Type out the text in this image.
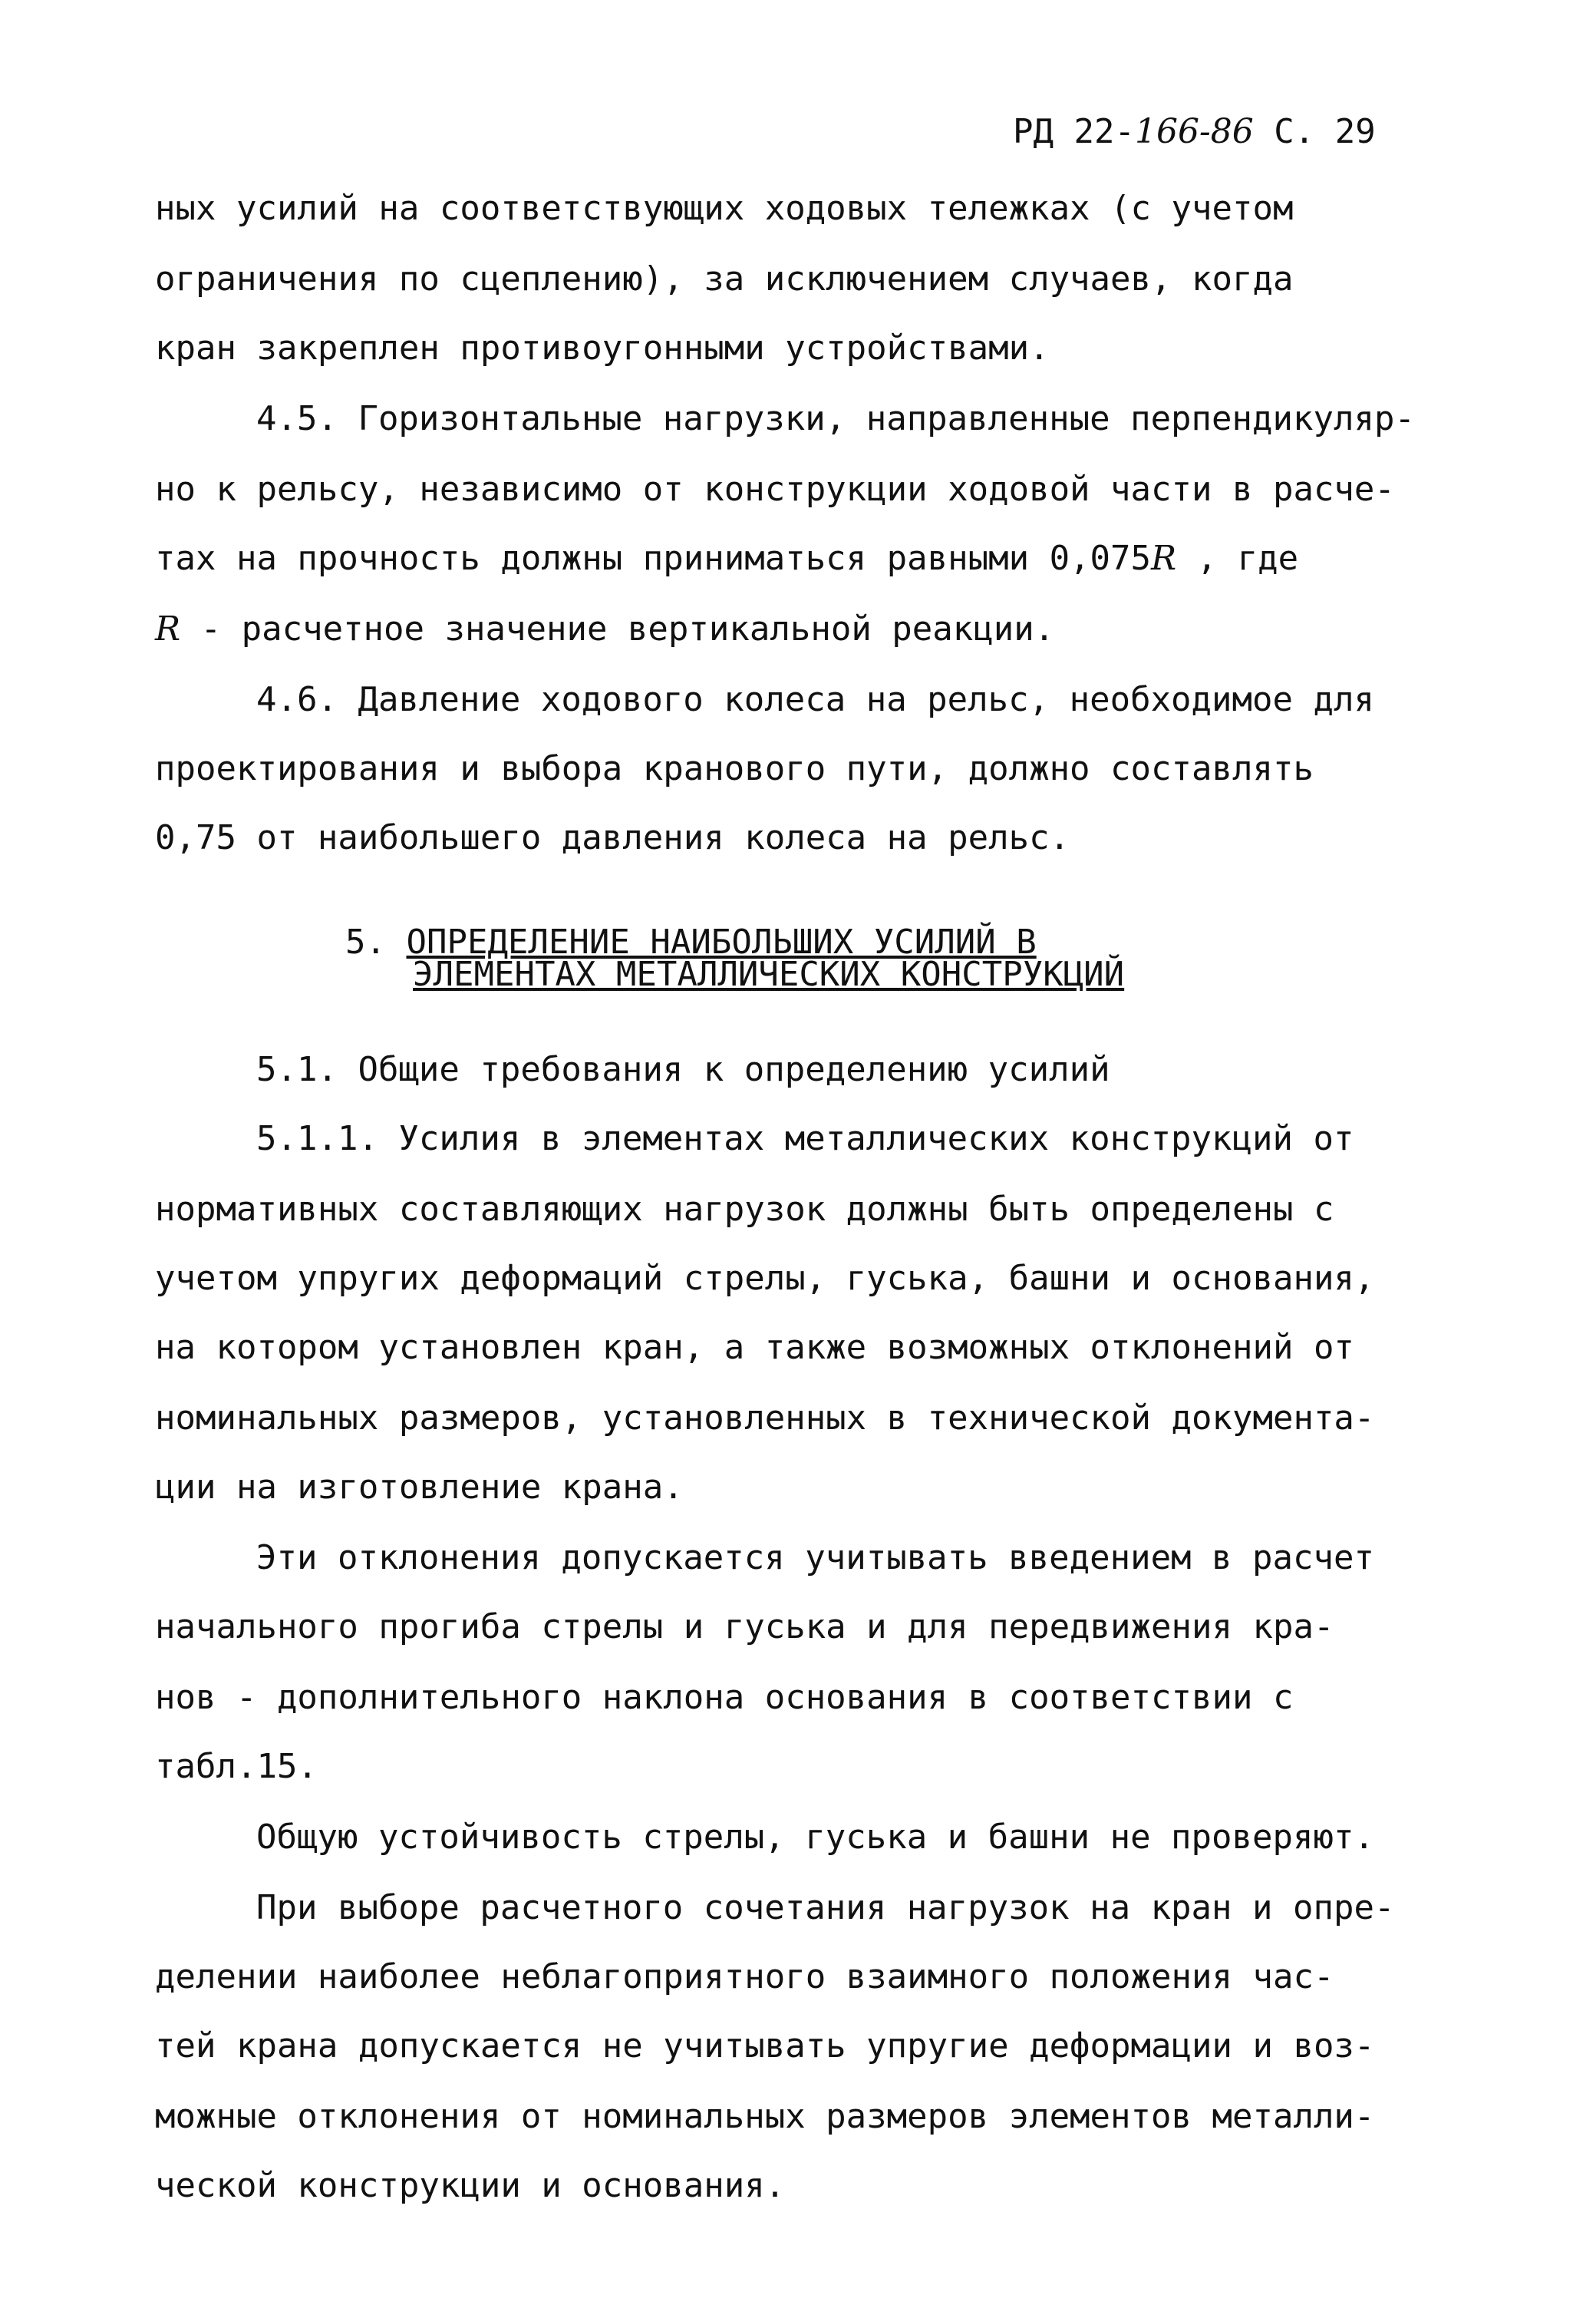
РД 22-166-86 С. 29
ных усилий на соответствующих ходовых тележках (с учетом
ограничения по сцеплению), за исключением случаев, когда
кран закреплен противоугонными устройствами.
4.5. Горизонтальные нагрузки, направленные перпендикуляр-
но к рельсу, независимо от конструкции ходовой части в расче-
тах на прочность должны приниматься равными 0,075R , где
R - расчетное значение вертикальной реакции.
4.6. Давление ходового колеса на рельс, необходимое для
проектирования и выбора кранового пути, должно составлять
0,75 от наибольшего давления колеса на рельс.
5. ОПРЕДЕЛЕНИЕ НАИБОЛЬШИХ УСИЛИЙ В
ЭЛЕМЕНТАХ МЕТАЛЛИЧЕСКИХ КОНСТРУКЦИЙ
5.1. Общие требования к определению усилий
5.1.1. Усилия в элементах металлических конструкций от
нормативных составляющих нагрузок должны быть определены с
учетом упругих деформаций стрелы, гуська, башни и основания,
на котором установлен кран, а также возможных отклонений от
номинальных размеров, установленных в технической документа-
ции на изготовление крана.
Эти отклонения допускается учитывать введением в расчет
начального прогиба стрелы и гуська и для передвижения кра-
нов - дополнительного наклона основания в соответствии с
табл.15.
Общую устойчивость стрелы, гуська и башни не проверяют.
При выборе расчетного сочетания нагрузок на кран и опре-
делении наиболее неблагоприятного взаимного положения час-
тей крана допускается не учитывать упругие деформации и воз-
можные отклонения от номинальных размеров элементов металли-
ческой конструкции и основания.
